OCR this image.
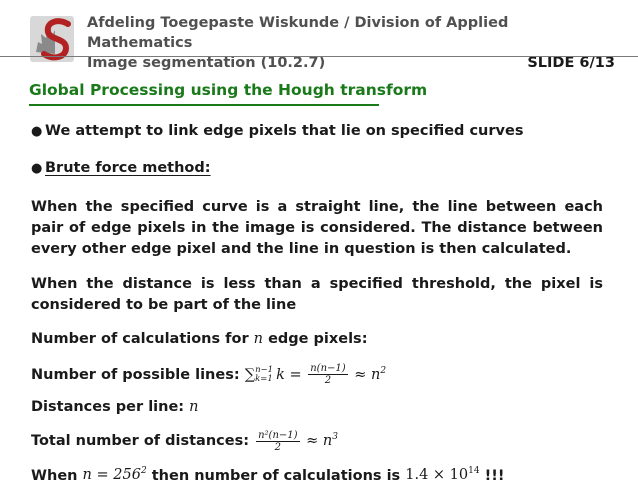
Afdeling Toegepaste Wiskunde / Division of Applied Mathematics
Image segmentation (10.2.7)	SLIDE 6/13
Global Processing using the Hough transform
● We attempt to link edge pixels that lie on specified curves
● Brute force method:
When the specified curve is a straight line, the line between each pair of edge pixels in the image is considered. The distance between every other edge pixel and the line in question is then calculated.
When the distance is less than a specified threshold, the pixel is considered to be part of the line
Number of calculations for n edge pixels:
Number of possible lines: ∑ n−1
k=1 $k = \frac{n(n-1)}{2} \approx n^2$
Distances per line: n
Total number of distances: $\frac{\text{n²(n−1)}}{2} \approx n^3$
When $n = 256^2$ then number of calculations is $1.4 \times 10^{14}$ !!!
